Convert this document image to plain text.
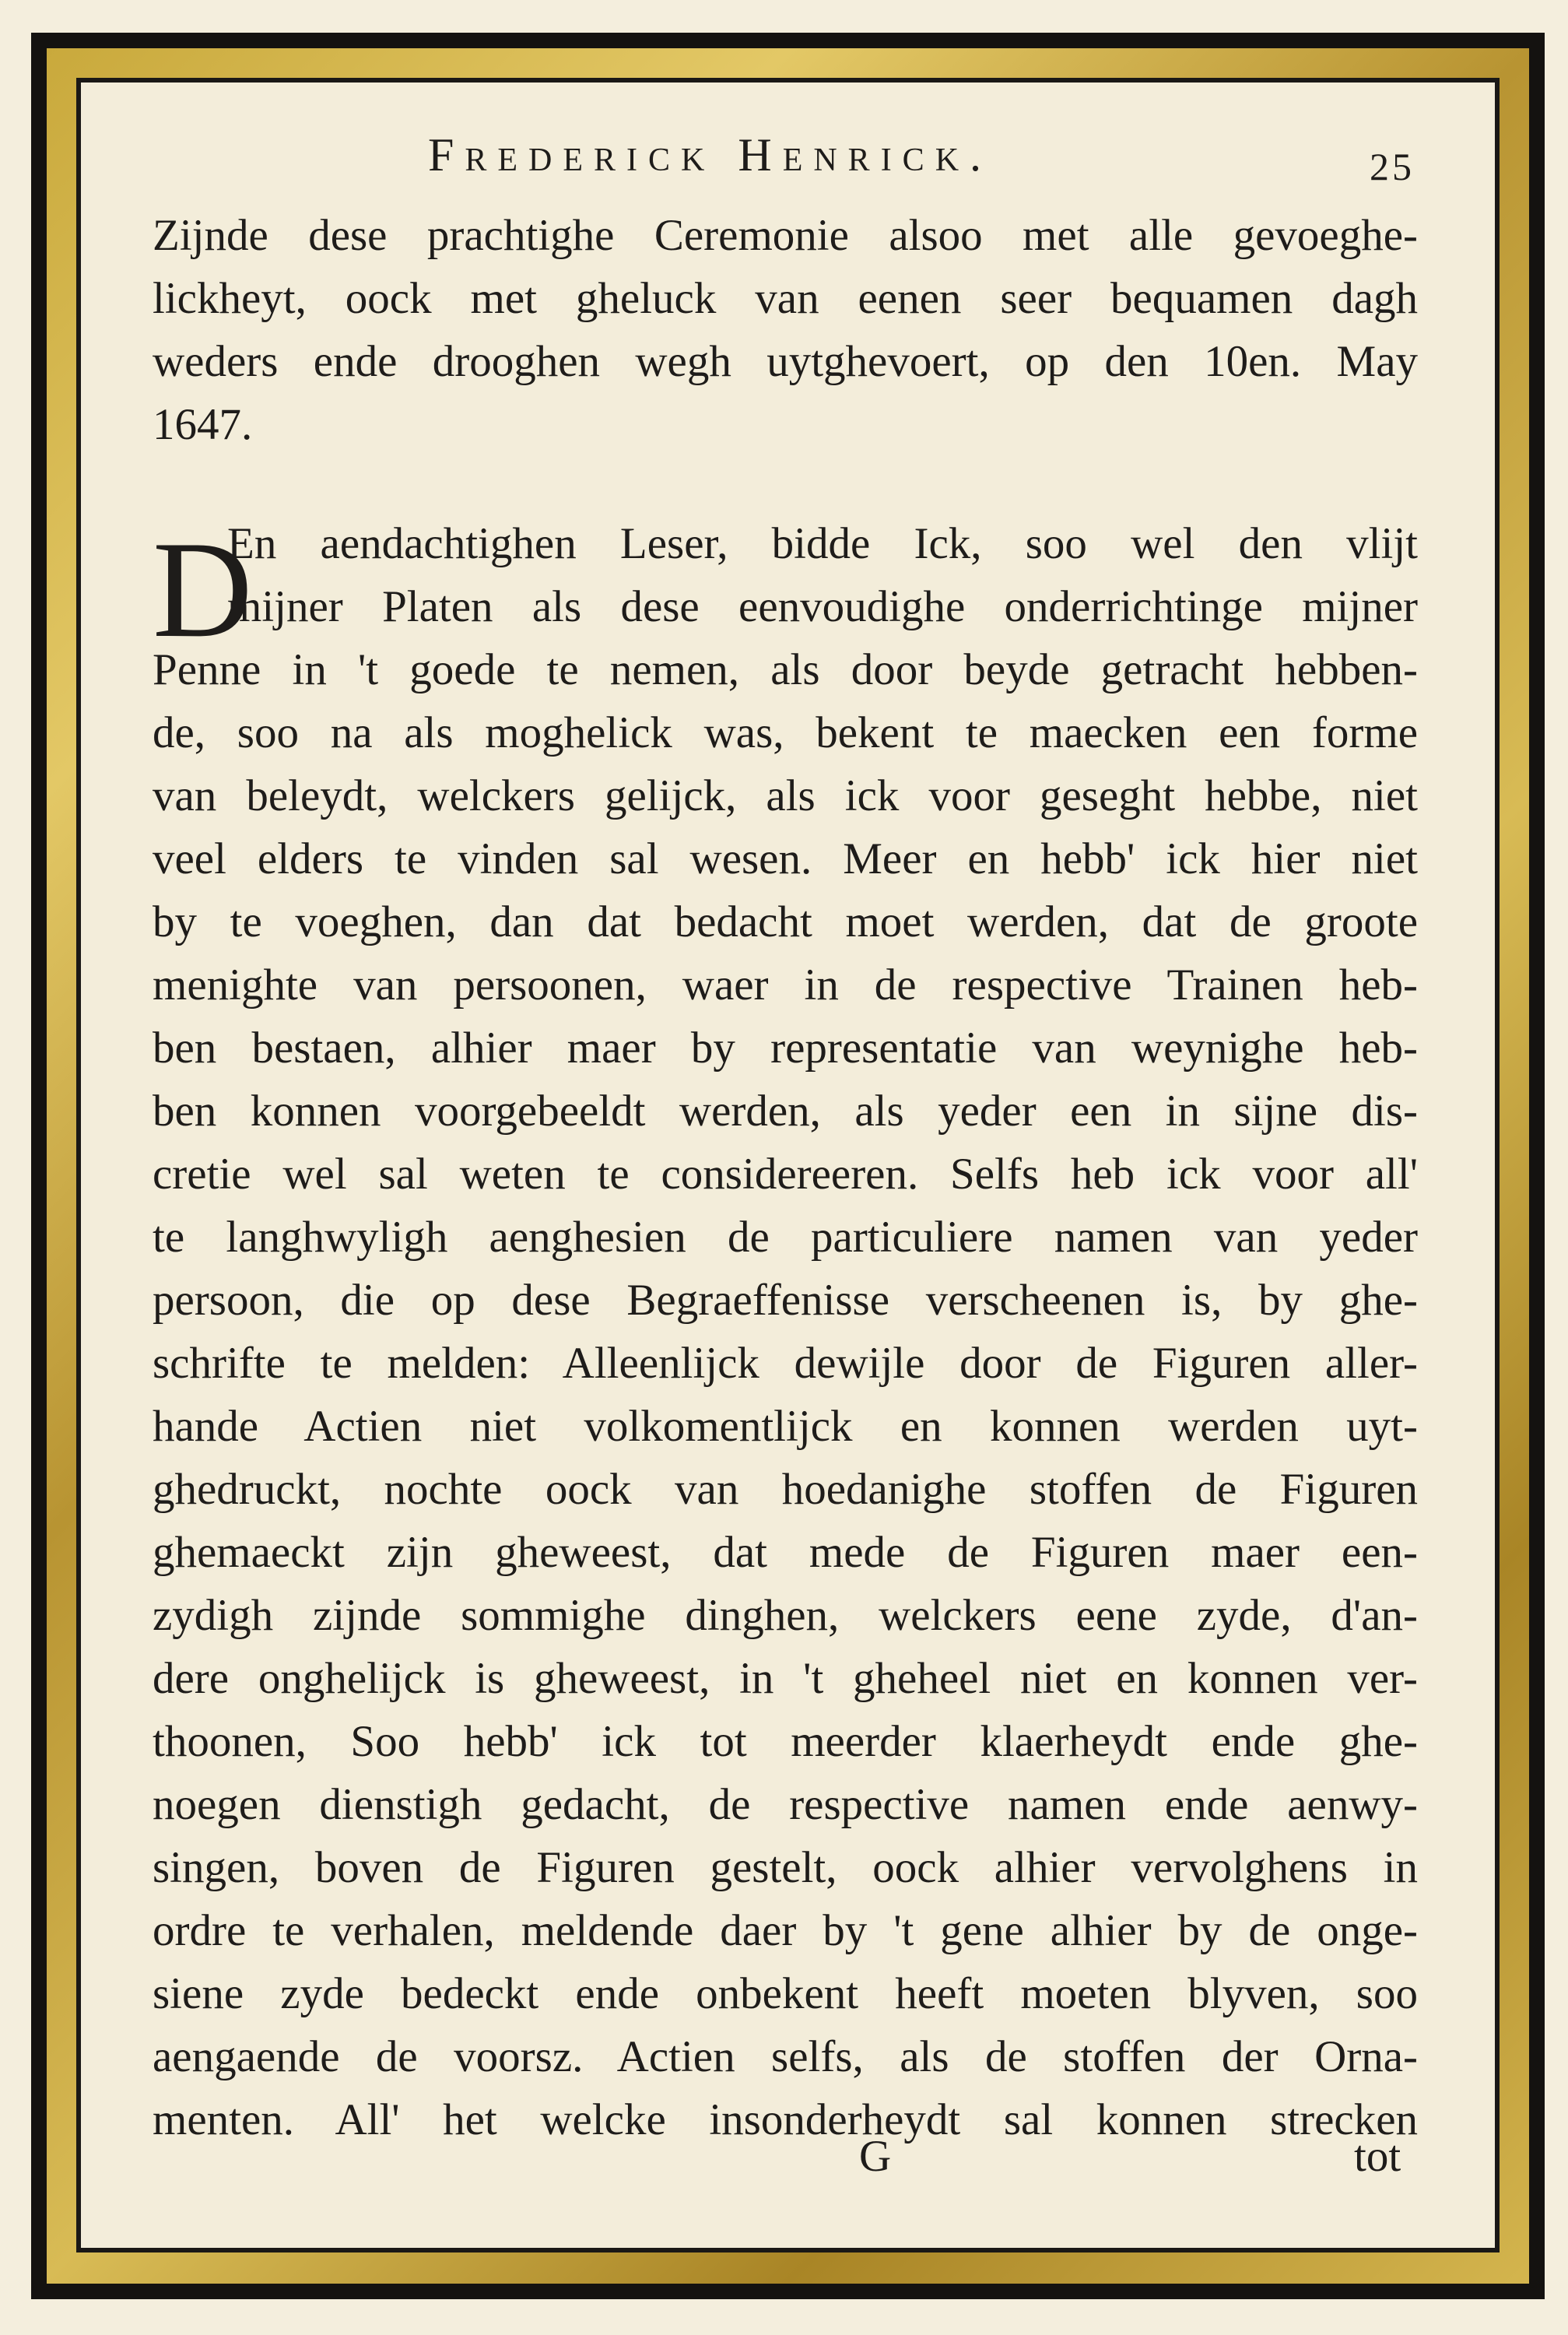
Frederick Henrick.	25
Zijnde dese prachtighe Ceremonie alsoo met alle gevoeghe-
lickheyt, oock met gheluck van eenen seer bequamen dagh
weders ende drooghen wegh uytghevoert, op den 10en. May
1647.
D
En aendachtighen Leser, bidde Ick, soo wel den vlijt
mijner Platen als dese eenvoudighe onderrichtinge mijner
Penne in 't goede te nemen, als door beyde getracht hebben-
de, soo na als moghelick was, bekent te maecken een forme
van beleydt, welckers gelijck, als ick voor geseght hebbe, niet
veel elders te vinden sal wesen. Meer en hebb' ick hier niet
by te voeghen, dan dat bedacht moet werden, dat de groote
menighte van persoonen, waer in de respective Trainen heb-
ben bestaen, alhier maer by representatie van weynighe heb-
ben konnen voorgebeeldt werden, als yeder een in sijne dis-
cretie wel sal weten te considereeren. Selfs heb ick voor all'
te langhwyligh aenghesien de particuliere namen van yeder
persoon, die op dese Begraeffenisse verscheenen is, by ghe-
schrifte te melden: Alleenlijck dewijle door de Figuren aller-
hande Actien niet volkomentlijck en konnen werden uyt-
ghedruckt, nochte oock van hoedanighe stoffen de Figuren
ghemaeckt zijn gheweest, dat mede de Figuren maer een-
zydigh zijnde sommighe dinghen, welckers eene zyde, d'an-
dere onghelijck is gheweest, in 't gheheel niet en konnen ver-
thoonen, Soo hebb' ick tot meerder klaerheydt ende ghe-
noegen dienstigh gedacht, de respective namen ende aenwy-
singen, boven de Figuren gestelt, oock alhier vervolghens in
ordre te verhalen, meldende daer by 't gene alhier by de onge-
siene zyde bedeckt ende onbekent heeft moeten blyven, soo
aengaende de voorsz. Actien selfs, als de stoffen der Orna-
menten. All' het welcke insonderheydt sal konnen strecken
G	tot
